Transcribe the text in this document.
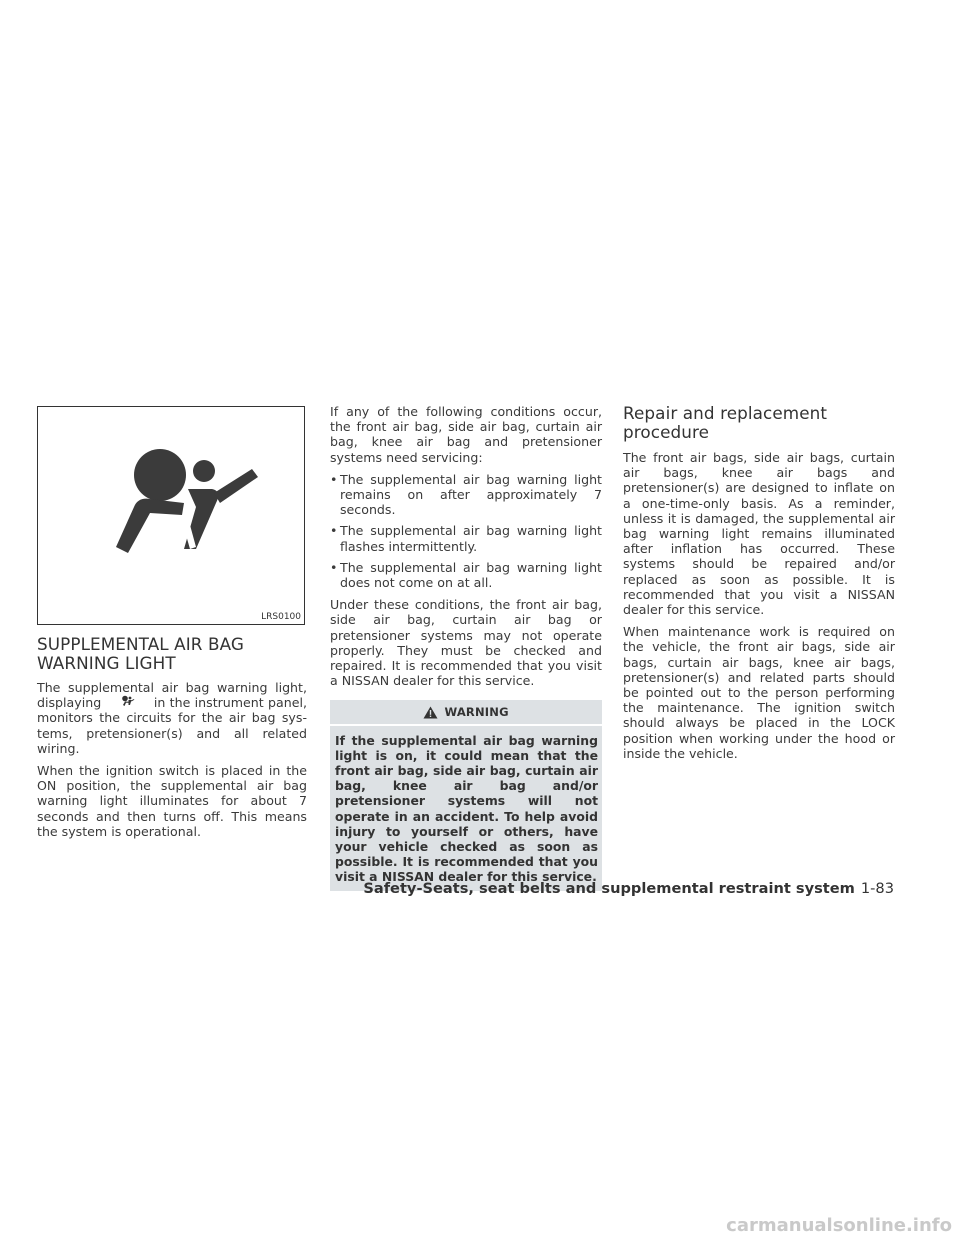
LRS0100
SUPPLEMENTAL AIR BAG WARNING LIGHT

The supplemental air bag warning light, displaying	in the instrument panel, monitors the circuits for the air bag systems, pretensioner(s) and all related wiring.

When the ignition switch is placed in the ON position, the supplemental air bag warning light illuminates for about 7 seconds and then turns off. This means the system is operational.

If any of the following conditions occur, the front air bag, side air bag, curtain air bag, knee air bag and pretensioner systems need servicing:

• The supplemental air bag warning light remains on after approximately 7 seconds.
• The supplemental air bag warning light flashes intermittently.
• The supplemental air bag warning light does not come on at all.

Under these conditions, the front air bag, side air bag, curtain air bag or pretensioner systems may not operate properly. They must be checked and repaired. It is recommended that you visit a NISSAN dealer for this service.

WARNING
If the supplemental air bag warning light is on, it could mean that the front air bag, side air bag, curtain air bag, knee air bag and/or pretensioner systems will not operate in an accident. To help avoid injury to yourself or others, have your vehicle checked as soon as possible. It is recommended that you visit a NISSAN dealer for this service.
Repair and replacement procedure

The front air bags, side air bags, curtain air bags, knee air bags and pretensioner(s) are designed to inflate on a one-time-only basis. As a reminder, unless it is damaged, the supplemental air bag warning light remains illuminated after inflation has occurred. These systems should be repaired and/or replaced as soon as possible. It is recommended that you visit a NISSAN dealer for this service.

When maintenance work is required on the vehicle, the front air bags, side air bags, curtain air bags, knee air bags, pretensioner(s) and related parts should be pointed out to the person performing the maintenance. The ignition switch should always be placed in the LOCK position when working under the hood or inside the vehicle.

Safety-Seats, seat belts and supplemental restraint system 1-83
carmanualsonline.info
